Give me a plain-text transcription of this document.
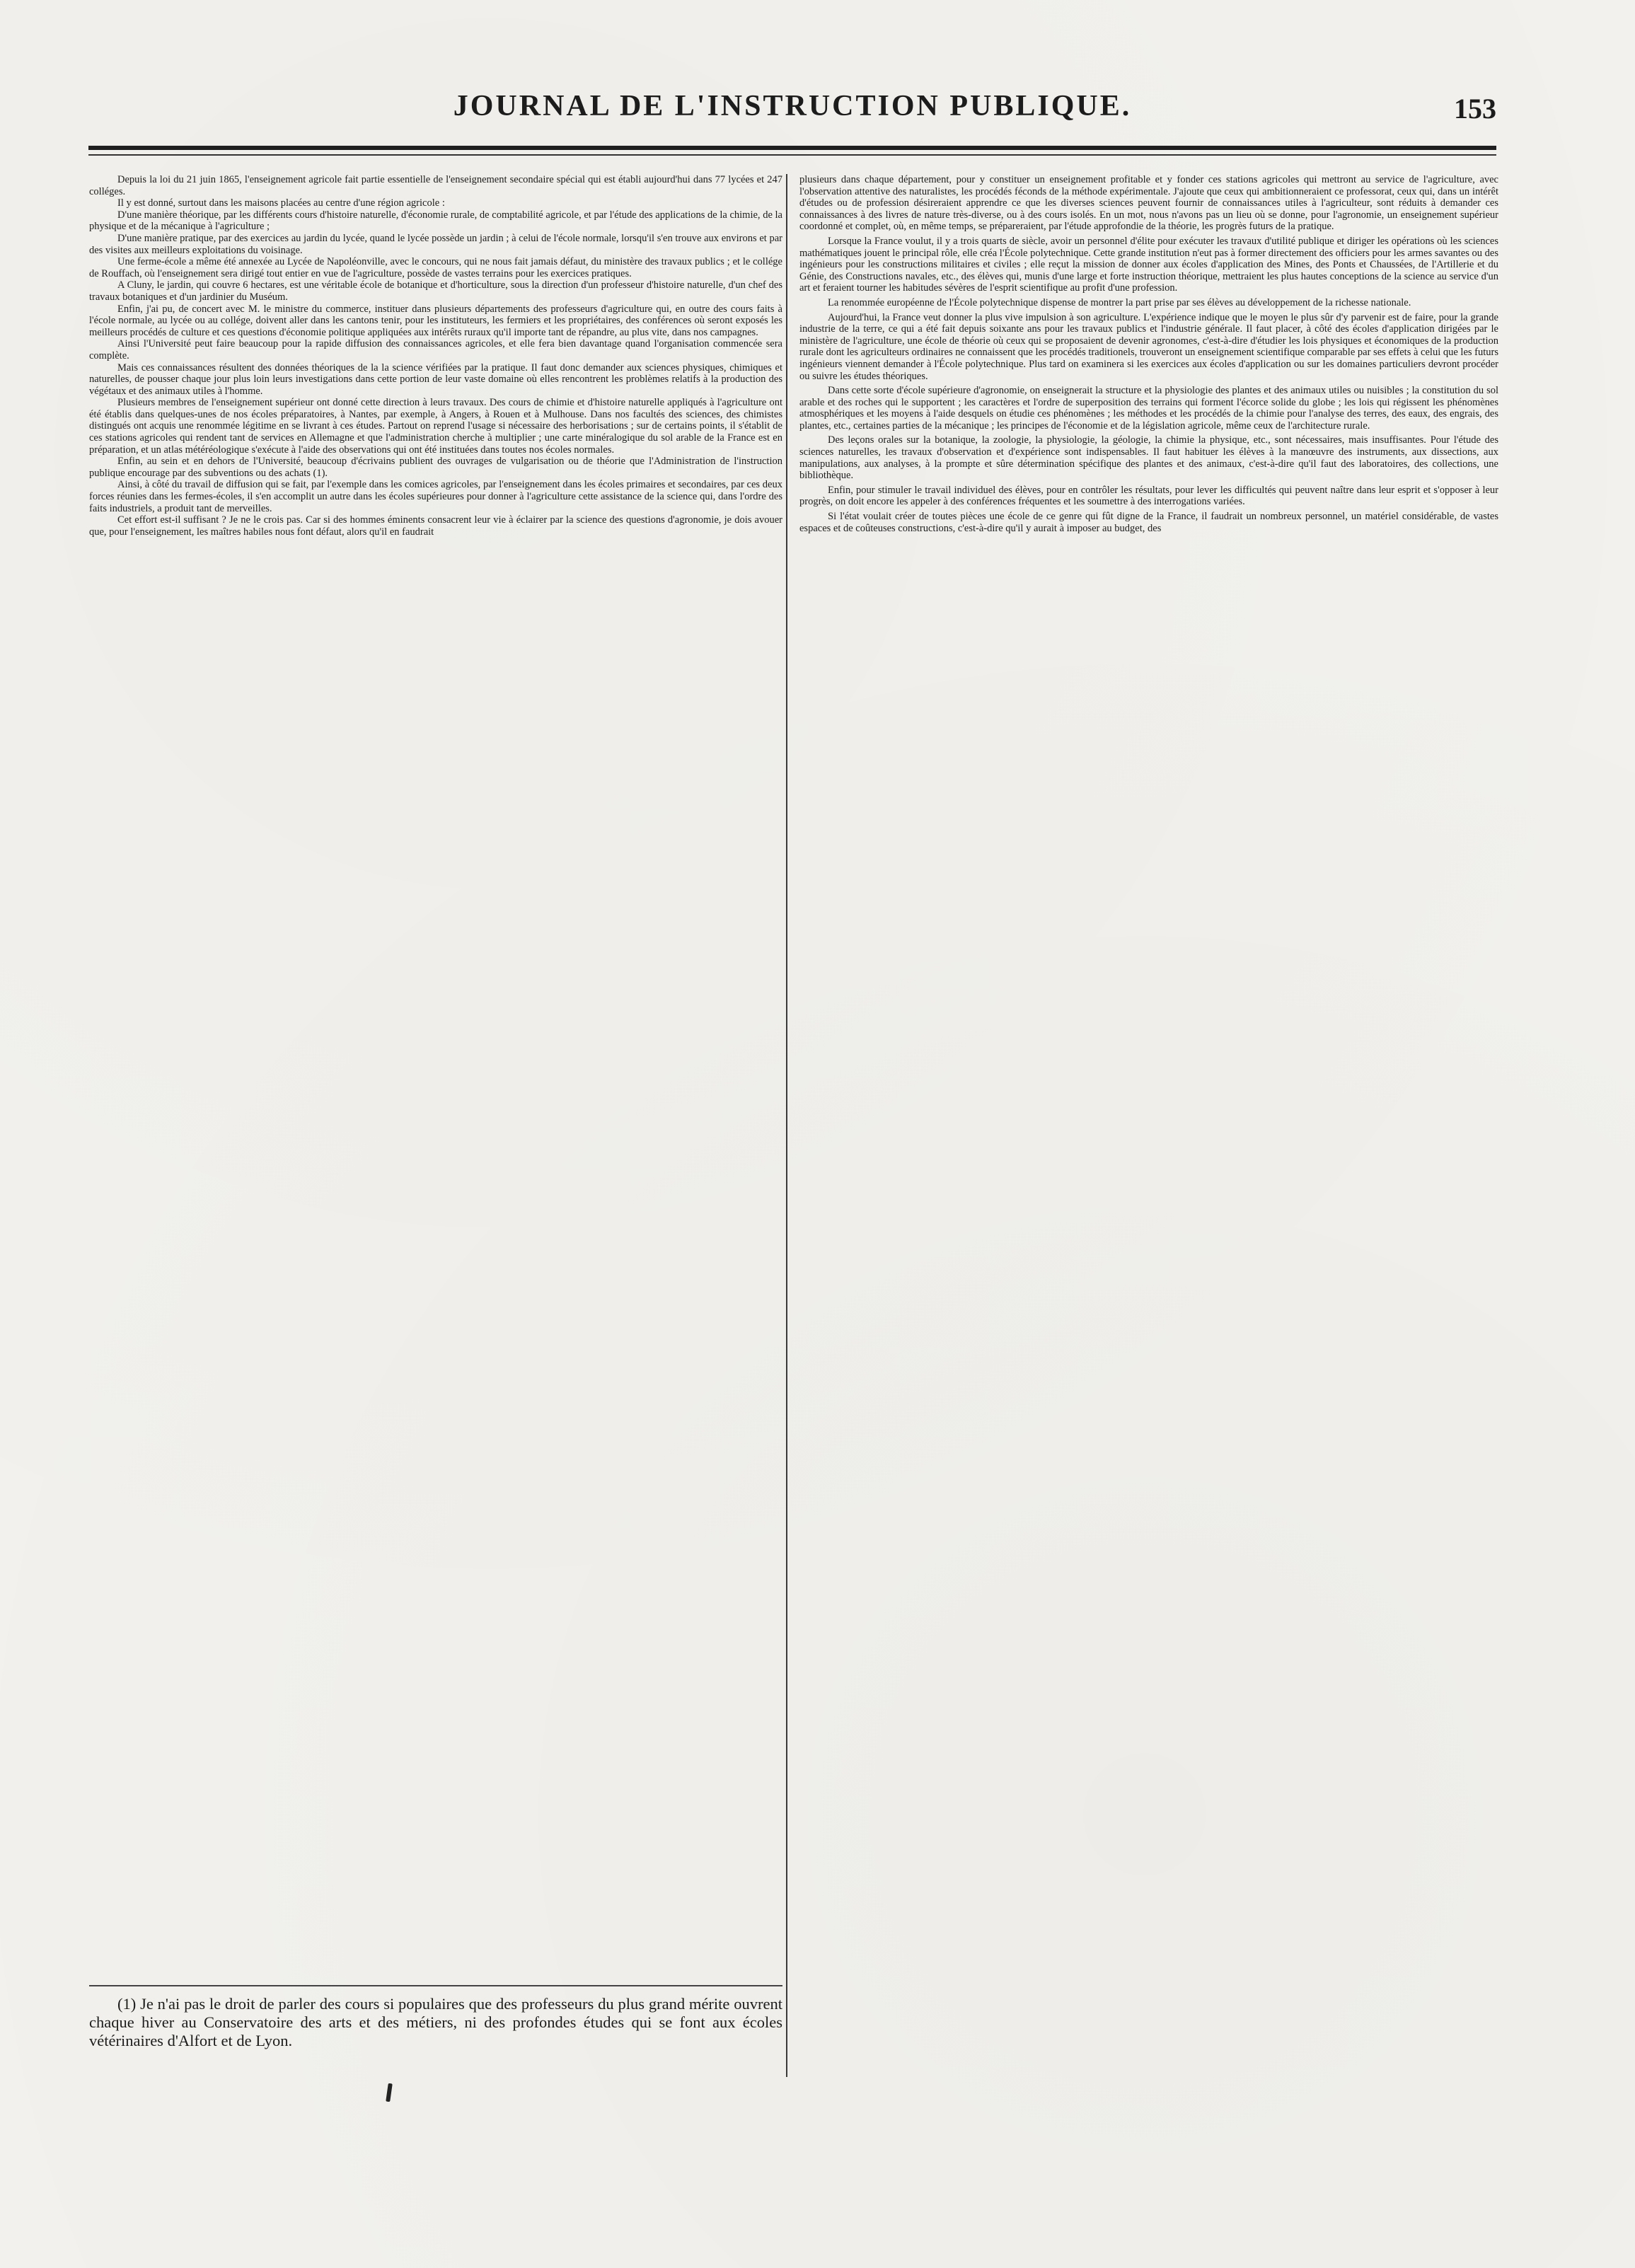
JOURNAL DE L'INSTRUCTION PUBLIQUE.	153

Depuis la loi du 21 juin 1865, l'enseignement agricole fait partie essentielle de l'enseignement secondaire spécial qui est établi aujourd'hui dans 77 lycées et 247 colléges.

Il y est donné, surtout dans les maisons placées au centre d'une région agricole :

D'une manière théorique, par les différents cours d'histoire naturelle, d'économie rurale, de comptabilité agricole, et par l'étude des applications de la chimie, de la physique et de la mécanique à l'agriculture ;

D'une manière pratique, par des exercices au jardin du lycée, quand le lycée possède un jardin ; à celui de l'école normale, lorsqu'il s'en trouve aux environs et par des visites aux meilleurs exploitations du voisinage.

Une ferme-école a même été annexée au Lycée de Napoléonville, avec le concours, qui ne nous fait jamais défaut, du ministère des travaux publics ; et le collége de Rouffach, où l'enseignement sera dirigé tout entier en vue de l'agriculture, possède de vastes terrains pour les exercices pratiques.

A Cluny, le jardin, qui couvre 6 hectares, est une véritable école de botanique et d'horticulture, sous la direction d'un professeur d'histoire naturelle, d'un chef des travaux botaniques et d'un jardinier du Muséum.

Enfin, j'ai pu, de concert avec M. le ministre du commerce, instituer dans plusieurs départements des professeurs d'agriculture qui, en outre des cours faits à l'école normale, au lycée ou au collége, doivent aller dans les cantons tenir, pour les instituteurs, les fermiers et les propriétaires, des conférences où seront exposés les meilleurs procédés de culture et ces questions d'économie politique appliquées aux intérêts ruraux qu'il importe tant de répandre, au plus vite, dans nos campagnes.

Ainsi l'Université peut faire beaucoup pour la rapide diffusion des connaissances agricoles, et elle fera bien davantage quand l'organisation commencée sera complète.

Mais ces connaissances résultent des données théoriques de la la science vérifiées par la pratique. Il faut donc demander aux sciences physiques, chimiques et naturelles, de pousser chaque jour plus loin leurs investigations dans cette portion de leur vaste domaine où elles rencontrent les problèmes relatifs à la production des végétaux et des animaux utiles à l'homme.

Plusieurs membres de l'enseignement supérieur ont donné cette direction à leurs travaux. Des cours de chimie et d'histoire naturelle appliqués à l'agriculture ont été établis dans quelques-unes de nos écoles préparatoires, à Nantes, par exemple, à Angers, à Rouen et à Mulhouse. Dans nos facultés des sciences, des chimistes distingués ont acquis une renommée légitime en se livrant à ces études. Partout on reprend l'usage si nécessaire des herborisations ; sur de certains points, il s'établit de ces stations agricoles qui rendent tant de services en Allemagne et que l'administration cherche à multiplier ; une carte minéralogique du sol arable de la France est en préparation, et un atlas météréologique s'exécute à l'aide des observations qui ont été instituées dans toutes nos écoles normales.

Enfin, au sein et en dehors de l'Université, beaucoup d'écrivains publient des ouvrages de vulgarisation ou de théorie que l'Administration de l'instruction publique encourage par des subventions ou des achats (1).

Ainsi, à côté du travail de diffusion qui se fait, par l'exemple dans les comices agricoles, par l'enseignement dans les écoles primaires et secondaires, par ces deux forces réunies dans les fermes-écoles, il s'en accomplit un autre dans les écoles supérieures pour donner à l'agriculture cette assistance de la science qui, dans l'ordre des faits industriels, a produit tant de merveilles.

Cet effort est-il suffisant ? Je ne le crois pas. Car si des hommes éminents consacrent leur vie à éclairer par la science des questions d'agronomie, je dois avouer que, pour l'enseignement, les maîtres habiles nous font défaut, alors qu'il en faudrait

plusieurs dans chaque département, pour y constituer un enseignement profitable et y fonder ces stations agricoles qui mettront au service de l'agriculture, avec l'observation attentive des naturalistes, les procédés féconds de la méthode expérimentale. J'ajoute que ceux qui ambitionneraient ce professorat, ceux qui, dans un intérêt d'études ou de profession désireraient apprendre ce que les diverses sciences peuvent fournir de connaissances utiles à l'agriculteur, sont réduits à demander ces connaissances à des livres de nature très-diverse, ou à des cours isolés. En un mot, nous n'avons pas un lieu où se donne, pour l'agronomie, un enseignement supérieur coordonné et complet, où, en même temps, se prépareraient, par l'étude approfondie de la théorie, les progrès futurs de la pratique.

Lorsque la France voulut, il y a trois quarts de siècle, avoir un personnel d'élite pour exécuter les travaux d'utilité publique et diriger les opérations où les sciences mathématiques jouent le principal rôle, elle créa l'École polytechnique. Cette grande institution n'eut pas à former directement des officiers pour les armes savantes ou des ingénieurs pour les constructions militaires et civiles ; elle reçut la mission de donner aux écoles d'application des Mines, des Ponts et Chaussées, de l'Artillerie et du Génie, des Constructions navales, etc., des élèves qui, munis d'une large et forte instruction théorique, mettraient les plus hautes conceptions de la science au service d'un art et feraient tourner les habitudes sévères de l'esprit scientifique au profit d'une profession.

La renommée européenne de l'École polytechnique dispense de montrer la part prise par ses élèves au développement de la richesse nationale.

Aujourd'hui, la France veut donner la plus vive impulsion à son agriculture. L'expérience indique que le moyen le plus sûr d'y parvenir est de faire, pour la grande industrie de la terre, ce qui a été fait depuis soixante ans pour les travaux publics et l'industrie générale. Il faut placer, à côté des écoles d'application dirigées par le ministère de l'agriculture, une école de théorie où ceux qui se proposaient de devenir agronomes, c'est-à-dire d'étudier les lois physiques et économiques de la production rurale dont les agriculteurs ordinaires ne connaissent que les procédés traditionels, trouveront un enseignement scientifique comparable par ses effets à celui que les futurs ingénieurs viennent demander à l'École polytechnique. Plus tard on examinera si les exercices aux écoles d'application ou sur les domaines particuliers devront procéder ou suivre les études théoriques.

Dans cette sorte d'école supérieure d'agronomie, on enseignerait la structure et la physiologie des plantes et des animaux utiles ou nuisibles ; la constitution du sol arable et des roches qui le supportent ; les caractères et l'ordre de superposition des terrains qui forment l'écorce solide du globe ; les lois qui régissent les phénomènes atmosphériques et les moyens à l'aide desquels on étudie ces phénomènes ; les méthodes et les procédés de la chimie pour l'analyse des terres, des eaux, des engrais, des plantes, etc., certaines parties de la mécanique ; les principes de l'économie et de la législation agricole, même ceux de l'architecture rurale.

Des leçons orales sur la botanique, la zoologie, la physiologie, la géologie, la chimie la physique, etc., sont nécessaires, mais insuffisantes. Pour l'étude des sciences naturelles, les travaux d'observation et d'expérience sont indispensables. Il faut habituer les élèves à la manœuvre des instruments, aux dissections, aux manipulations, aux analyses, à la prompte et sûre détermination spécifique des plantes et des animaux, c'est-à-dire qu'il faut des laboratoires, des collections, une bibliothèque.

Enfin, pour stimuler le travail individuel des élèves, pour en contrôler les résultats, pour lever les difficultés qui peuvent naître dans leur esprit et s'opposer à leur progrès, on doit encore les appeler à des conférences fréquentes et les soumettre à des interrogations variées.

Si l'état voulait créer de toutes pièces une école de ce genre qui fût digne de la France, il faudrait un nombreux personnel, un matériel considérable, de vastes espaces et de coûteuses constructions, c'est-à-dire qu'il y aurait à imposer au budget, des

(1) Je n'ai pas le droit de parler des cours si populaires que des professeurs du plus grand mérite ouvrent chaque hiver au Conservatoire des arts et des métiers, ni des profondes études qui se font aux écoles vétérinaires d'Alfort et de Lyon.
